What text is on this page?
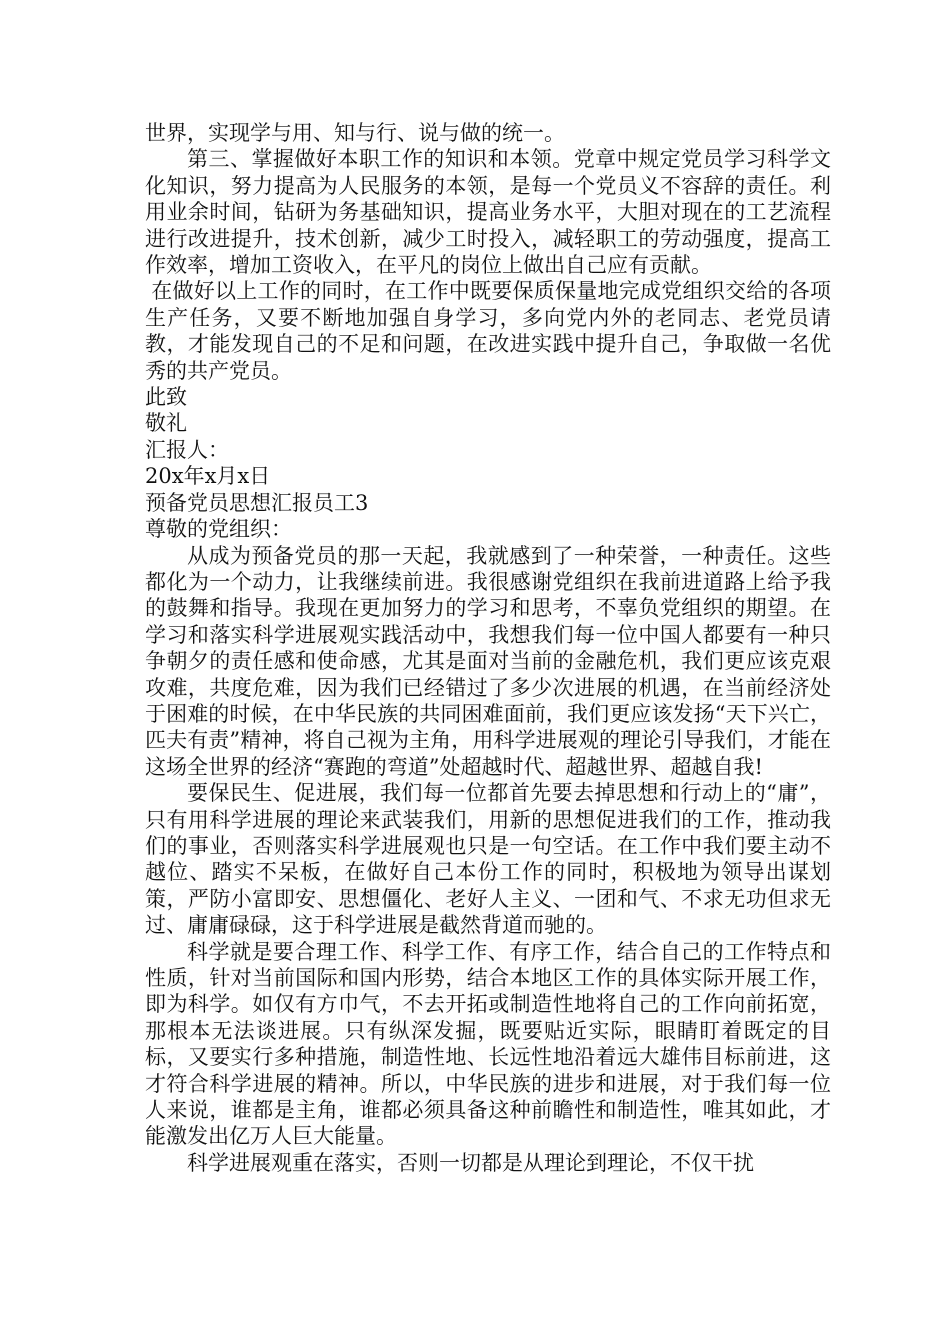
世界，实现学与用、知与行、说与做的统一。

第三、掌握做好本职工作的知识和本领。党章中规定党员学习科学文化知识，努力提高为人民服务的本领，是每一个党员义不容辞的责任。利用业余时间，钻研为务基础知识，提高业务水平，大胆对现在的工艺流程进行改进提升，技术创新，减少工时投入，减轻职工的劳动强度，提高工作效率，增加工资收入，在平凡的岗位上做出自己应有贡献。

在做好以上工作的同时，在工作中既要保质保量地完成党组织交给的各项生产任务，又要不断地加强自身学习，多向党内外的老同志、老党员请教，才能发现自己的不足和问题，在改进实践中提升自己，争取做一名优秀的共产党员。

此致

敬礼

汇报人：

20x年x月x日

预备党员思想汇报员工3

尊敬的党组织：

从成为预备党员的那一天起，我就感到了一种荣誉，一种责任。这些都化为一个动力，让我继续前进。我很感谢党组织在我前进道路上给予我的鼓舞和指导。我现在更加努力的学习和思考，不辜负党组织的期望。在学习和落实科学进展观实践活动中，我想我们每一位中国人都要有一种只争朝夕的责任感和使命感，尤其是面对当前的金融危机，我们更应该克艰攻难，共度危难，因为我们已经错过了多少次进展的机遇，在当前经济处于困难的时候，在中华民族的共同困难面前，我们更应该发扬“天下兴亡，匹夫有责”精神，将自己视为主角，用科学进展观的理论引导我们，才能在这场全世界的经济“赛跑的弯道”处超越时代、超越世界、超越自我!

要保民生、促进展，我们每一位都首先要去掉思想和行动上的“庸”，只有用科学进展的理论来武装我们，用新的思想促进我们的工作，推动我们的事业，否则落实科学进展观也只是一句空话。在工作中我们要主动不越位、踏实不呆板，在做好自己本份工作的同时，积极地为领导出谋划策，严防小富即安、思想僵化、老好人主义、一团和气、不求无功但求无过、庸庸碌碌，这于科学进展是截然背道而驰的。

科学就是要合理工作、科学工作、有序工作，结合自己的工作特点和性质，针对当前国际和国内形势，结合本地区工作的具体实际开展工作，即为科学。如仅有方巾气，不去开拓或制造性地将自己的工作向前拓宽，那根本无法谈进展。只有纵深发掘，既要贴近实际，眼睛盯着既定的目标，又要实行多种措施，制造性地、长远性地沿着远大雄伟目标前进，这才符合科学进展的精神。所以，中华民族的进步和进展，对于我们每一位人来说，谁都是主角，谁都必须具备这种前瞻性和制造性，唯其如此，才能激发出亿万人巨大能量。

科学进展观重在落实，否则一切都是从理论到理论，不仅干扰
